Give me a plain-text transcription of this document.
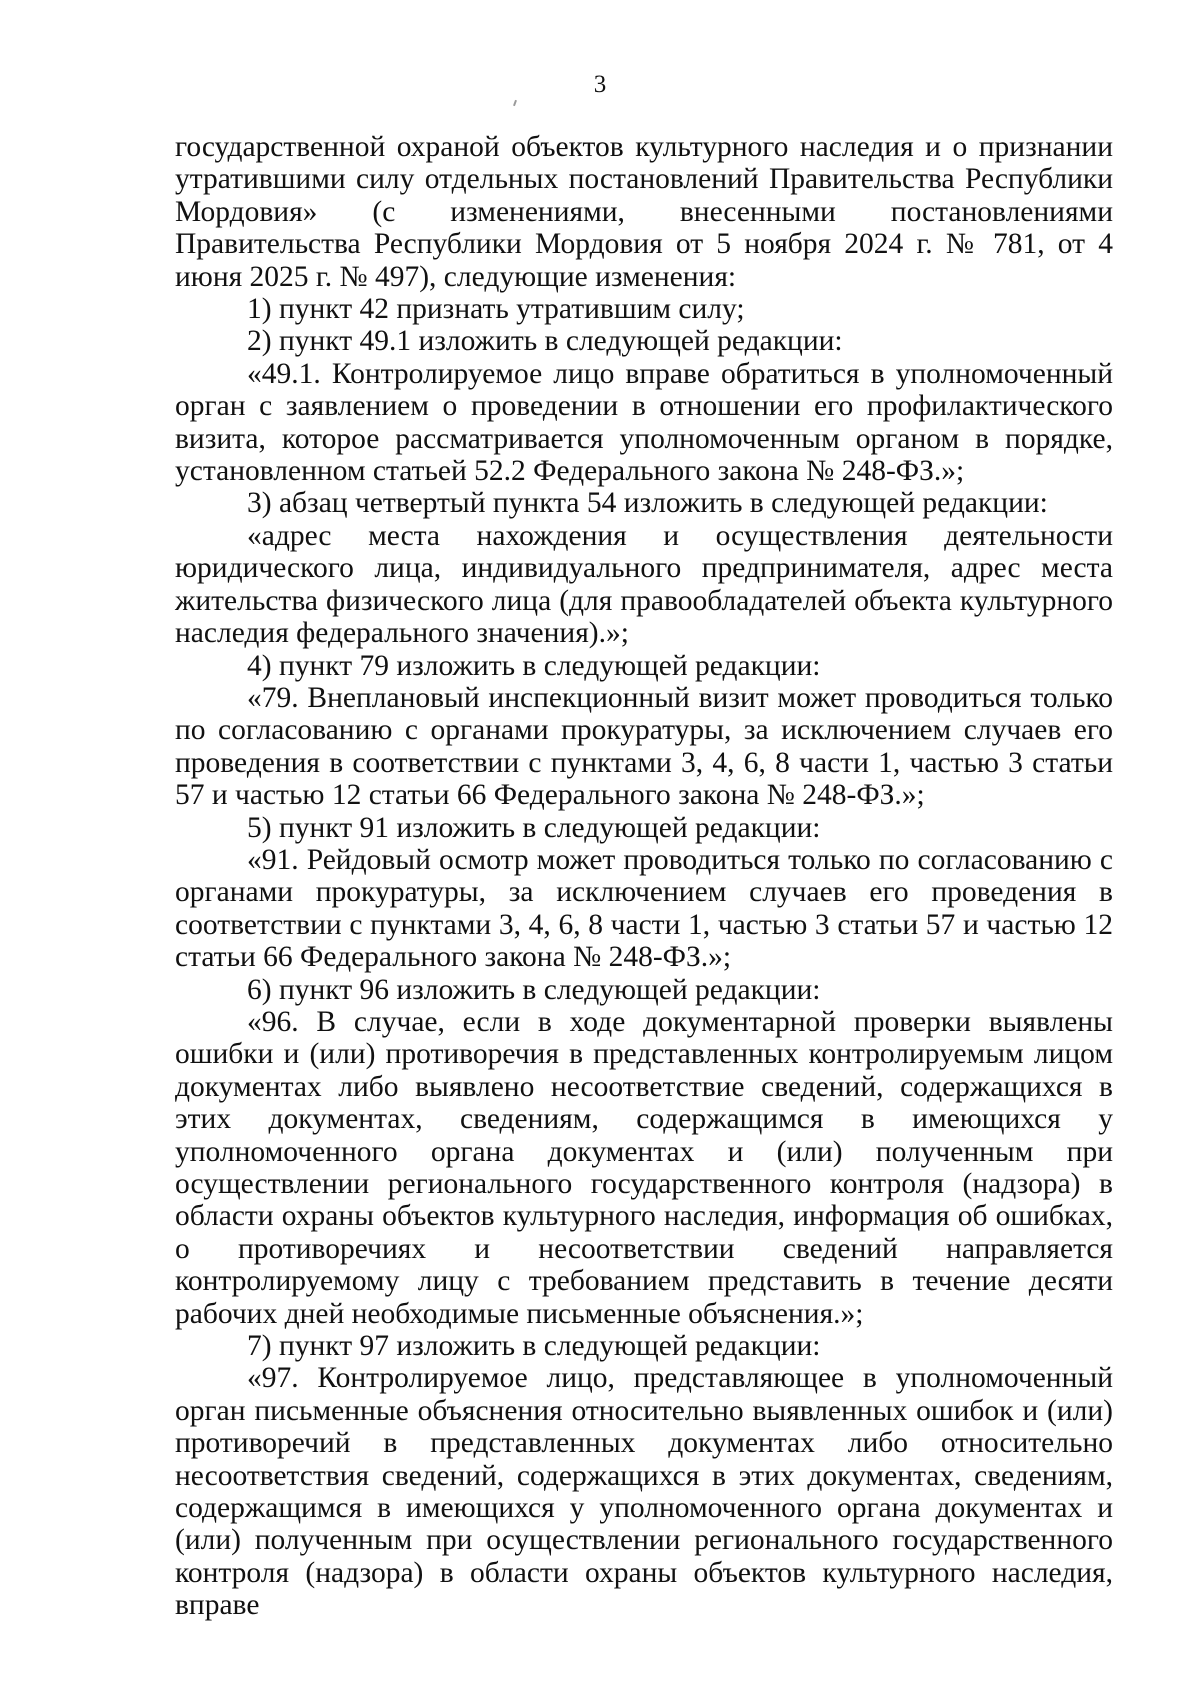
3

государственной охраной объектов культурного наследия и о признании утратившими силу отдельных постановлений Правительства Республики Мордовия» (с изменениями, внесенными постановлениями Правительства Республики Мордовия от 5 ноября 2024 г. № 781, от 4 июня 2025 г. № 497), следующие изменения:

1) пункт 42 признать утратившим силу;

2) пункт 49.1 изложить в следующей редакции:

«49.1. Контролируемое лицо вправе обратиться в уполномоченный орган с заявлением о проведении в отношении его профилактического визита, которое рассматривается уполномоченным органом в порядке, установленном статьей 52.2 Федерального закона № 248-ФЗ.»;

3) абзац четвертый пункта 54 изложить в следующей редакции:

«адрес места нахождения и осуществления деятельности юридического лица, индивидуального предпринимателя, адрес места жительства физического лица (для правообладателей объекта культурного наследия федерального значения).»;

4) пункт 79 изложить в следующей редакции:

«79. Внеплановый инспекционный визит может проводиться только по согласованию с органами прокуратуры, за исключением случаев его проведения в соответствии с пунктами 3, 4, 6, 8 части 1, частью 3 статьи 57 и частью 12 статьи 66 Федерального закона № 248-ФЗ.»;

5) пункт 91 изложить в следующей редакции:

«91. Рейдовый осмотр может проводиться только по согласованию с органами прокуратуры, за исключением случаев его проведения в соответствии с пунктами 3, 4, 6, 8 части 1, частью 3 статьи 57 и частью 12 статьи 66 Федерального закона № 248-ФЗ.»;

6) пункт 96 изложить в следующей редакции:

«96. В случае, если в ходе документарной проверки выявлены ошибки и (или) противоречия в представленных контролируемым лицом документах либо выявлено несоответствие сведений, содержащихся в этих документах, сведениям, содержащимся в имеющихся у уполномоченного органа документах и (или) полученным при осуществлении регионального государственного контроля (надзора) в области охраны объектов культурного наследия, информация об ошибках, о противоречиях и несоответствии сведений направляется контролируемому лицу с требованием представить в течение десяти рабочих дней необходимые письменные объяснения.»;

7) пункт 97 изложить в следующей редакции:

«97. Контролируемое лицо, представляющее в уполномоченный орган письменные объяснения относительно выявленных ошибок и (или) противоречий в представленных документах либо относительно несоответствия сведений, содержащихся в этих документах, сведениям, содержащимся в имеющихся у уполномоченного органа документах и (или) полученным при осуществлении регионального государственного контроля (надзора) в области охраны объектов культурного наследия, вправе
